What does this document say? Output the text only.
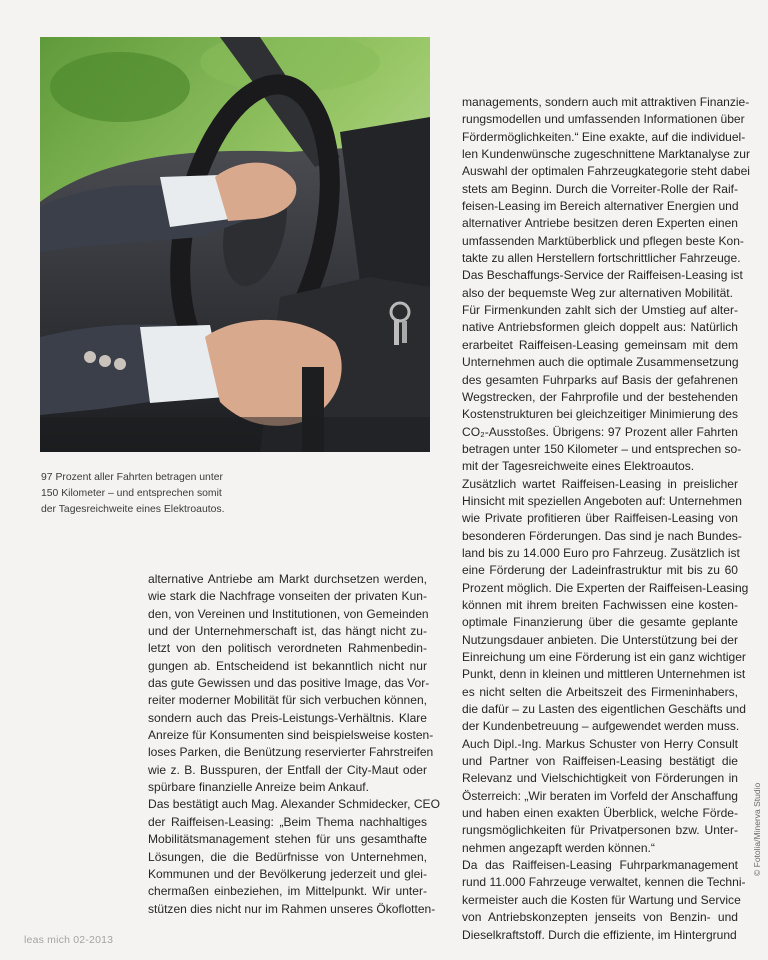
97 Prozent aller Fahrten betragen unter
150 Kilometer – und entsprechen somit
der Tagesreichweite eines Elektroautos.
alternative Antriebe am Markt durchsetzen werden,
wie stark die Nachfrage vonseiten der privaten Kun-
den, von Vereinen und Institutionen, von Gemeinden
und der Unternehmerschaft ist, das hängt nicht zu-
letzt von den politisch verordneten Rahmenbedin-
gungen ab. Entscheidend ist bekanntlich nicht nur
das gute Gewissen und das positive Image, das Vor-
reiter moderner Mobilität für sich verbuchen können,
sondern auch das Preis-Leistungs-Verhältnis. Klare
Anreize für Konsumenten sind beispielsweise kosten-
loses Parken, die Benützung reservierter Fahrstreifen
wie z. B. Busspuren, der Entfall der City-Maut oder
spürbare finanzielle Anreize beim Ankauf.
Das bestätigt auch Mag. Alexander Schmidecker, CEO
der Raiffeisen-Leasing: „Beim Thema nachhaltiges
Mobilitätsmanagement stehen für uns gesamthafte
Lösungen, die die Bedürfnisse von Unternehmen,
Kommunen und der Bevölkerung jederzeit und glei-
chermaßen einbeziehen, im Mittelpunkt. Wir unter-
stützen dies nicht nur im Rahmen unseres Ökoflotten-
managements, sondern auch mit attraktiven Finanzie-
rungsmodellen und umfassenden Informationen über
Fördermöglichkeiten.“ Eine exakte, auf die individuel-
len Kundenwünsche zugeschnittene Marktanalyse zur
Auswahl der optimalen Fahrzeugkategorie steht dabei
stets am Beginn. Durch die Vorreiter-Rolle der Raif-
feisen-Leasing im Bereich alternativer Energien und
alternativer Antriebe besitzen deren Experten einen
umfassenden Marktüberblick und pflegen beste Kon-
takte zu allen Herstellern fortschrittlicher Fahrzeuge.
Das Beschaffungs-Service der Raiffeisen-Leasing ist
also der bequemste Weg zur alternativen Mobilität.
Für Firmenkunden zahlt sich der Umstieg auf alter-
native Antriebsformen gleich doppelt aus: Natürlich
erarbeitet Raiffeisen-Leasing gemeinsam mit dem
Unternehmen auch die optimale Zusammensetzung
des gesamten Fuhrparks auf Basis der gefahrenen
Wegstrecken, der Fahrprofile und der bestehenden
Kostenstrukturen bei gleichzeitiger Minimierung des
CO₂-Ausstoßes. Übrigens: 97 Prozent aller Fahrten
betragen unter 150 Kilometer – und entsprechen so-
mit der Tagesreichweite eines Elektroautos.
Zusätzlich wartet Raiffeisen-Leasing in preislicher
Hinsicht mit speziellen Angeboten auf: Unternehmen
wie Private profitieren über Raiffeisen-Leasing von
besonderen Förderungen. Das sind je nach Bundes-
land bis zu 14.000 Euro pro Fahrzeug. Zusätzlich ist
eine Förderung der Ladeinfrastruktur mit bis zu 60
Prozent möglich. Die Experten der Raiffeisen-Leasing
können mit ihrem breiten Fachwissen eine kosten-
optimale Finanzierung über die gesamte geplante
Nutzungsdauer anbieten. Die Unterstützung bei der
Einreichung um eine Förderung ist ein ganz wichtiger
Punkt, denn in kleinen und mittleren Unternehmen ist
es nicht selten die Arbeitszeit des Firmeninhabers,
die dafür – zu Lasten des eigentlichen Geschäfts und
der Kundenbetreuung – aufgewendet werden muss.
Auch Dipl.-Ing. Markus Schuster von Herry Consult
und Partner von Raiffeisen-Leasing bestätigt die
Relevanz und Vielschichtigkeit von Förderungen in
Österreich: „Wir beraten im Vorfeld der Anschaffung
und haben einen exakten Überblick, welche Förde-
rungsmöglichkeiten für Privatpersonen bzw. Unter-
nehmen angezapft werden können.“
Da das Raiffeisen-Leasing Fuhrparkmanagement
rund 11.000 Fahrzeuge verwaltet, kennen die Techni-
kermeister auch die Kosten für Wartung und Service
von Antriebskonzepten jenseits von Benzin- und
Dieselkraftstoff. Durch die effiziente, im Hintergrund
leas mich 02-2013
© Fotolia/Minerva Studio
